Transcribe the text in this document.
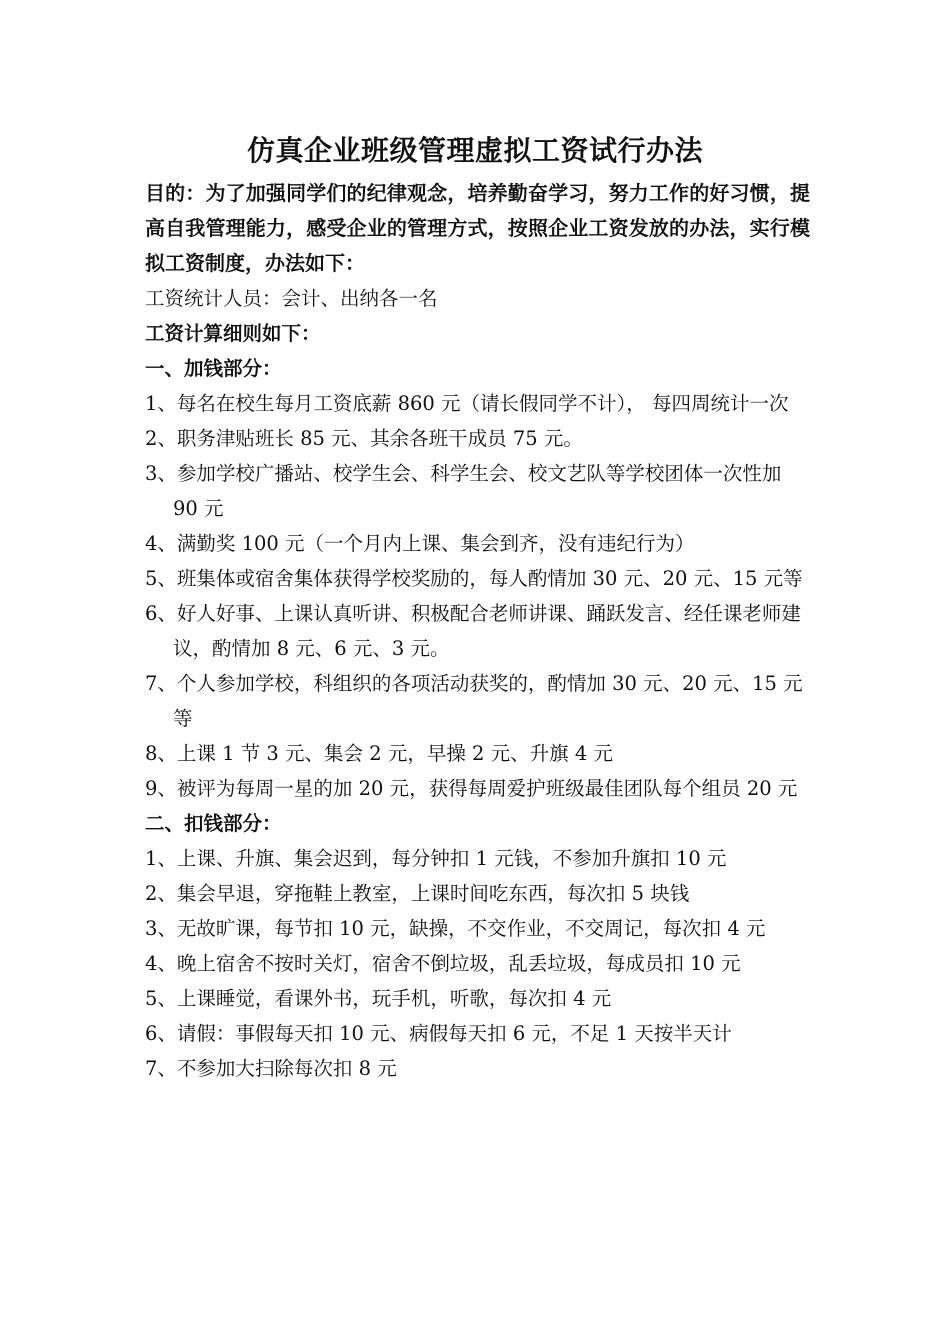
仿真企业班级管理虚拟工资试行办法

目的：为了加强同学们的纪律观念，培养勤奋学习，努力工作的好习惯，提高自我管理能力，感受企业的管理方式，按照企业工资发放的办法，实行模拟工资制度，办法如下：

工资统计人员：会计、出纳各一名

工资计算细则如下：

一、加钱部分：

1、每名在校生每月工资底薪 860 元（请长假同学不计）， 每四周统计一次

2、职务津贴班长 85 元、其余各班干成员 75 元。

3、参加学校广播站、校学生会、科学生会、校文艺队等学校团体一次性加 90 元

4、满勤奖 100 元（一个月内上课、集会到齐，没有违纪行为）

5、班集体或宿舍集体获得学校奖励的，每人酌情加 30 元、20 元、15 元等

6、好人好事、上课认真听讲、积极配合老师讲课、踊跃发言、经任课老师建议，酌情加 8 元、6 元、3 元。

7、个人参加学校，科组织的各项活动获奖的，酌情加 30 元、20 元、15 元等

8、上课 1 节 3 元、集会 2 元，早操 2 元、升旗 4 元

9、被评为每周一星的加 20 元，获得每周爱护班级最佳团队每个组员 20 元

二、扣钱部分：

1、上课、升旗、集会迟到，每分钟扣 1 元钱，不参加升旗扣 10 元

2、集会早退，穿拖鞋上教室，上课时间吃东西，每次扣 5 块钱

3、无故旷课，每节扣 10 元，缺操，不交作业，不交周记，每次扣 4 元

4、晚上宿舍不按时关灯，宿舍不倒垃圾，乱丢垃圾，每成员扣 10 元

5、上课睡觉，看课外书，玩手机，听歌，每次扣 4 元

6、请假：事假每天扣 10 元、病假每天扣 6 元，不足 1 天按半天计

7、不参加大扫除每次扣 8 元
